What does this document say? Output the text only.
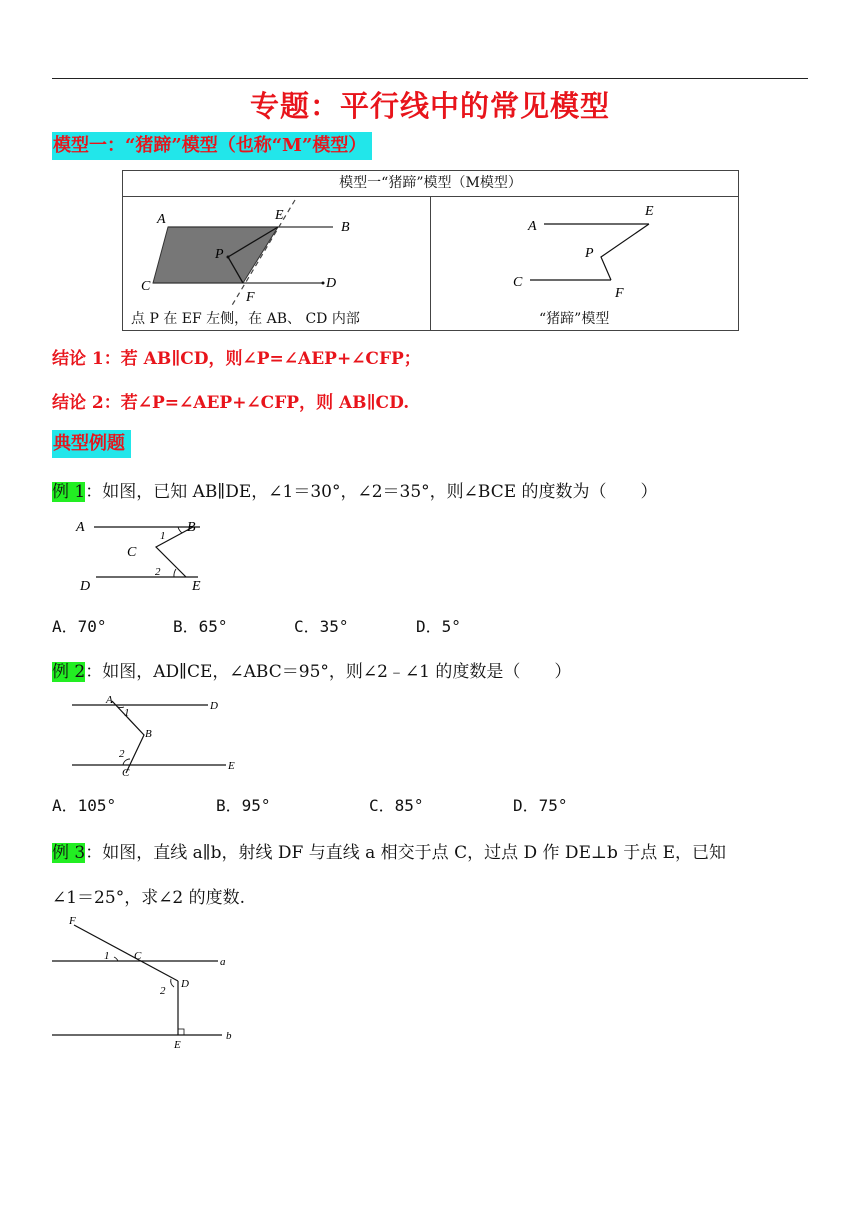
专题：平行线中的常见模型
模型一：“猪蹄”模型（也称“M”模型）
模型一“猪蹄”模型（M模型）

A
B
C	D
E
F
P
点 P 在 EF 左侧，在 AB、 CD 内部

A
C
E
F
P
“猪蹄”模型
结论 1：若 AB∥CD，则∠P=∠AEP+∠CFP；
结论 2：若∠P=∠AEP+∠CFP，则 AB∥CD.
典型例题
例 1：如图，已知 AB∥DE，∠1＝30°，∠2＝35°，则∠BCE 的度数为（　　）
A	B
C
D	E
1
2
A．70°	B．65°	C．35°	D．5°
例 2：如图，AD∥CE，∠ABC＝95°，则∠2﹣∠1 的度数是（　　）
A	D
B
C
E
1
2
A．105°	B．95°	C．85°	D．75°
例 3：如图，直线 a∥b，射线 DF 与直线 a 相交于点 C，过点 D 作 DE⊥b 于点 E，已知
∠1＝25°，求∠2 的度数.
F
C
D
E
a
b
1
2
